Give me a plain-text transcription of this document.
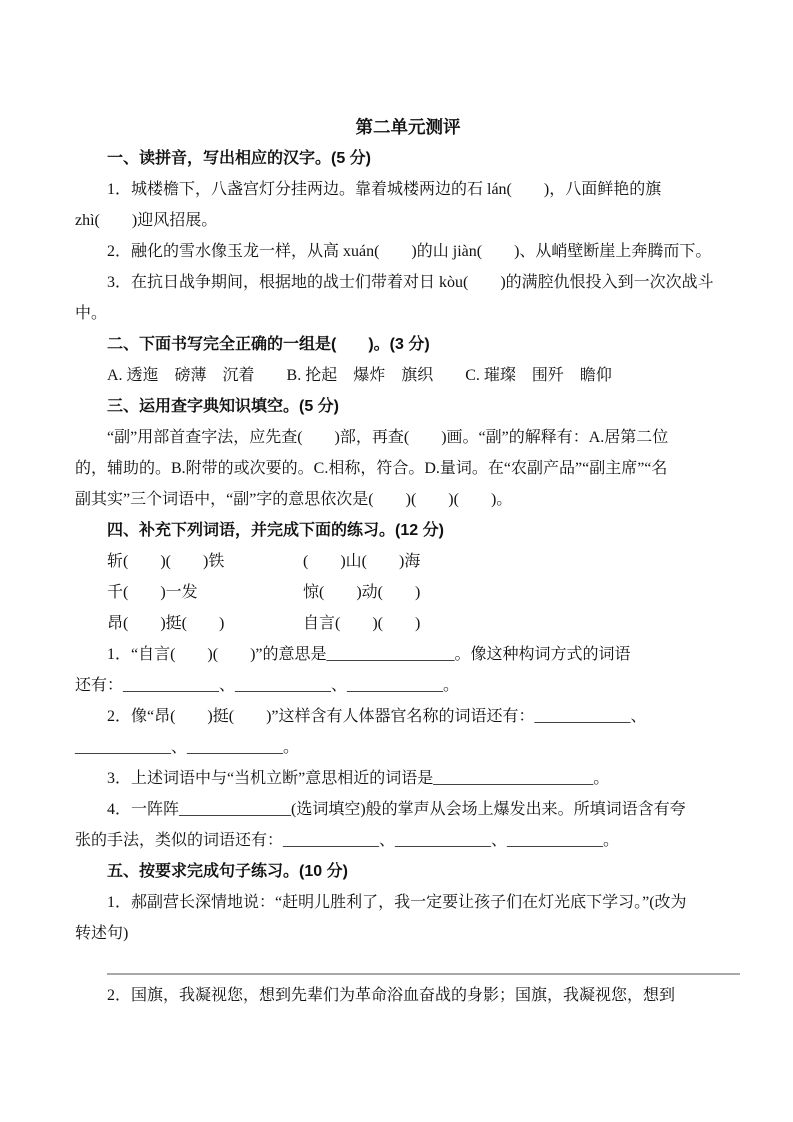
第二单元测评
一、读拼音，写出相应的汉字。(5 分)
1．城楼檐下，八盏宫灯分挂两边。靠着城楼两边的石 lán(　　)，八面鲜艳的旗
zhì(　　)迎风招展。
2．融化的雪水像玉龙一样，从高 xuán(　　)的山 jiàn(　　)、从峭壁断崖上奔腾而下。
3．在抗日战争期间，根据地的战士们带着对日 kòu(　　)的满腔仇恨投入到一次次战斗
中。
二、下面书写完全正确的一组是(　　)。(3 分)
A. 透迤　磅薄　沉着　　B. 抡起　爆炸　旗织　　C. 璀璨　围歼　瞻仰
三、运用查字典知识填空。(5 分)
“副”用部首查字法，应先查(　　)部，再查(　　)画。“副”的解释有：A.居第二位
的，辅助的。B.附带的或次要的。C.相称，符合。D.量词。在“农副产品”“副主席”“名
副其实”三个词语中，“副”字的意思依次是(　　)(　　)(　　)。
四、补充下列词语，并完成下面的练习。(12 分)
斩(　　)(　　)铁	(　　)山(　　)海
千(　　)一发	惊(　　)动(　　)
昂(　　)挺(　　)	自言(　　)(　　)
1．“自言(　　)(　　)”的意思是________________。像这种构词方式的词语
还有：____________、____________、____________。
2．像“昂(　　)挺(　　)”这样含有人体器官名称的词语还有：____________、
____________、____________。
3．上述词语中与“当机立断”意思相近的词语是____________________。
4．一阵阵______________(选词填空)般的掌声从会场上爆发出来。所填词语含有夸
张的手法，类似的词语还有：____________、____________、____________。
五、按要求完成句子练习。(10 分)
1．郝副营长深情地说：“赶明儿胜利了，我一定要让孩子们在灯光底下学习。”(改为
转述句)
2．国旗，我凝视您，想到先辈们为革命浴血奋战的身影；国旗，我凝视您，想到
